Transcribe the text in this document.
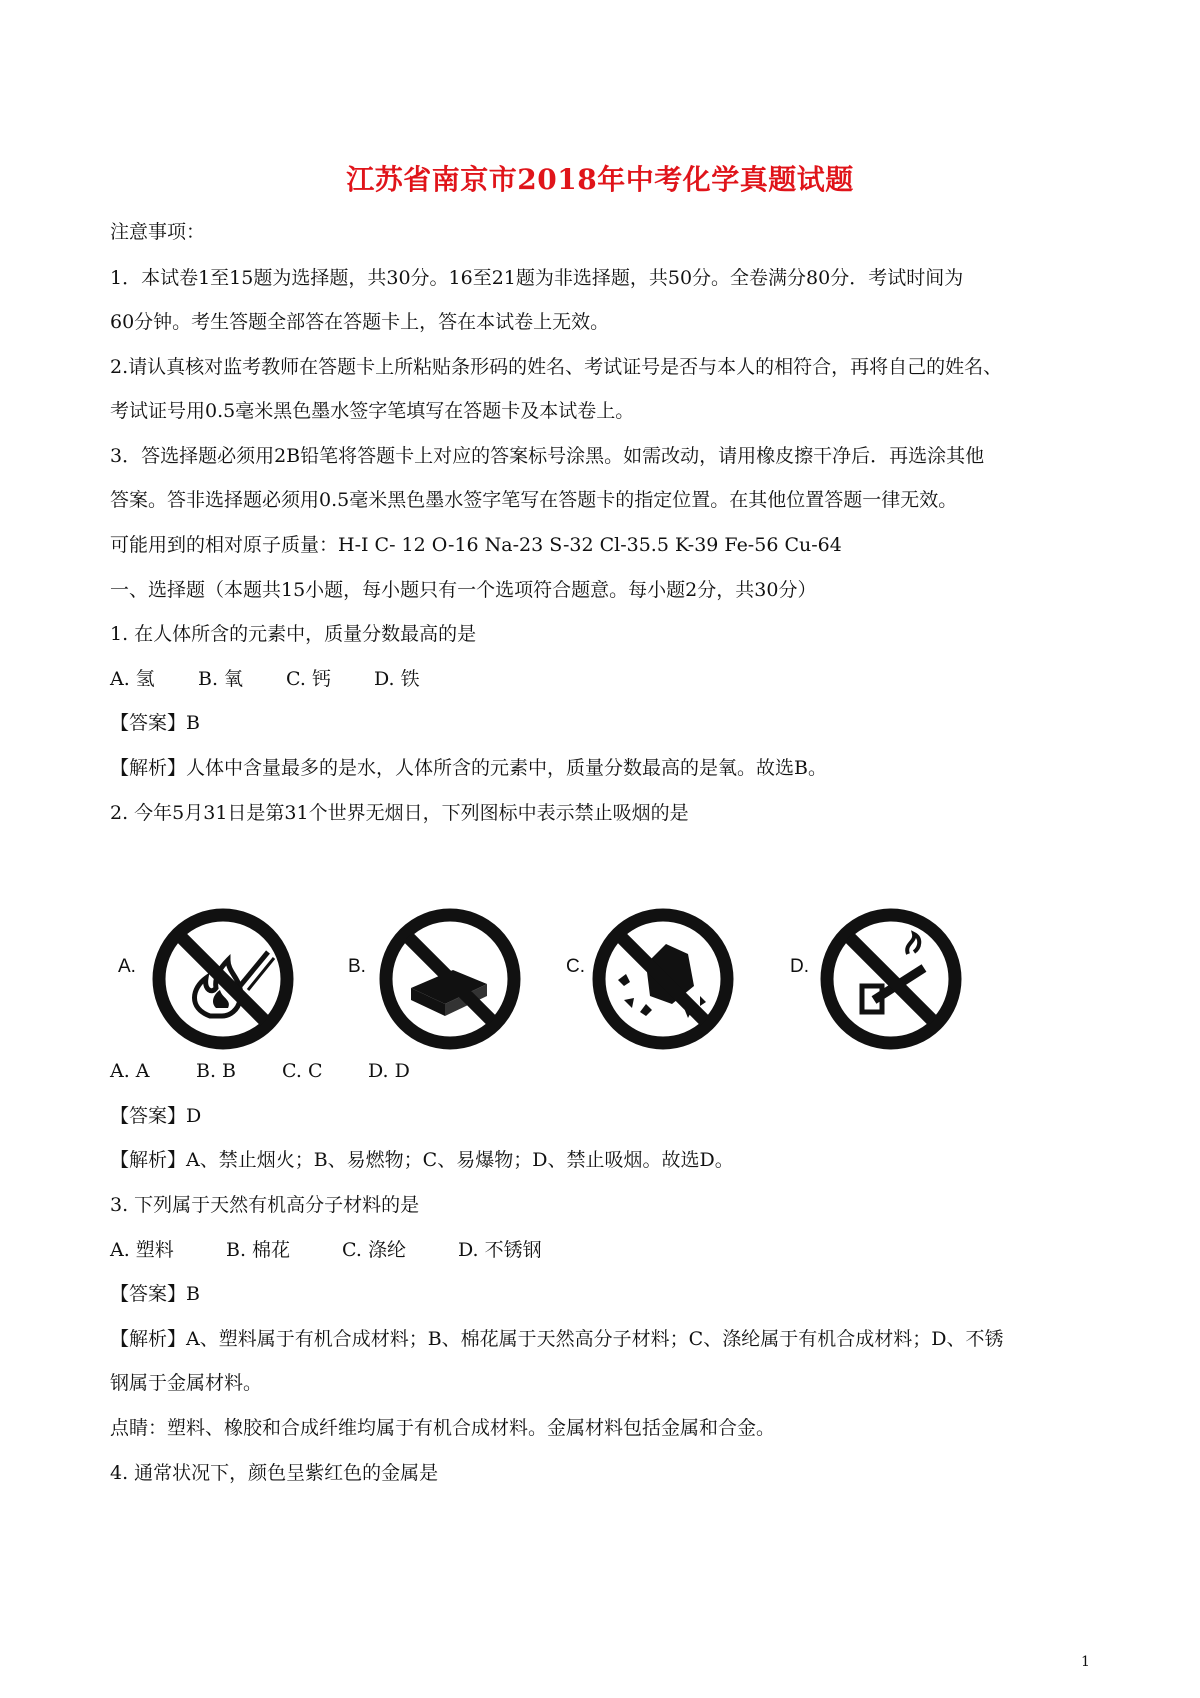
江苏省南京市2018年中考化学真题试题
注意事项：
1．本试卷1至15题为选择题，共30分。16至21题为非选择题，共50分。全卷满分80分．考试时间为
60分钟。考生答题全部答在答题卡上，答在本试卷上无效。
2.请认真核对监考教师在答题卡上所粘贴条形码的姓名、考试证号是否与本人的相符合，再将自己的姓名、
考试证号用0.5毫米黑色墨水签字笔填写在答题卡及本试卷上。
3．答选择题必须用2B铅笔将答题卡上对应的答案标号涂黑。如需改动，请用橡皮擦干净后．再选涂其他
答案。答非选择题必须用0.5毫米黑色墨水签字笔写在答题卡的指定位置。在其他位置答题一律无效。
可能用到的相对原子质量：H-I C- 12 O-16 Na-23 S-32 Cl-35.5 K-39 Fe-56 Cu-64
一、选择题（本题共15小题，每小题只有一个选项符合题意。每小题2分，共30分）
1. 在人体所含的元素中，质量分数最高的是
A. 氢 B. 氧 C. 钙 D. 铁
【答案】B
【解析】人体中含量最多的是水，人体所含的元素中，质量分数最高的是氧。故选B。
2. 今年5月31日是第31个世界无烟日，下列图标中表示禁止吸烟的是
A.	B.	C.	D.
A. A B. B C. C D. D
【答案】D
【解析】A、禁止烟火；B、易燃物；C、易爆物；D、禁止吸烟。故选D。
3. 下列属于天然有机高分子材料的是
A. 塑料	B. 棉花	C. 涤纶	D. 不锈钢
【答案】B
【解析】A、塑料属于有机合成材料；B、棉花属于天然高分子材料；C、涤纶属于有机合成材料；D、不锈
钢属于金属材料。
点睛：塑料、橡胶和合成纤维均属于有机合成材料。金属材料包括金属和合金。
4. 通常状况下，颜色呈紫红色的金属是
1
